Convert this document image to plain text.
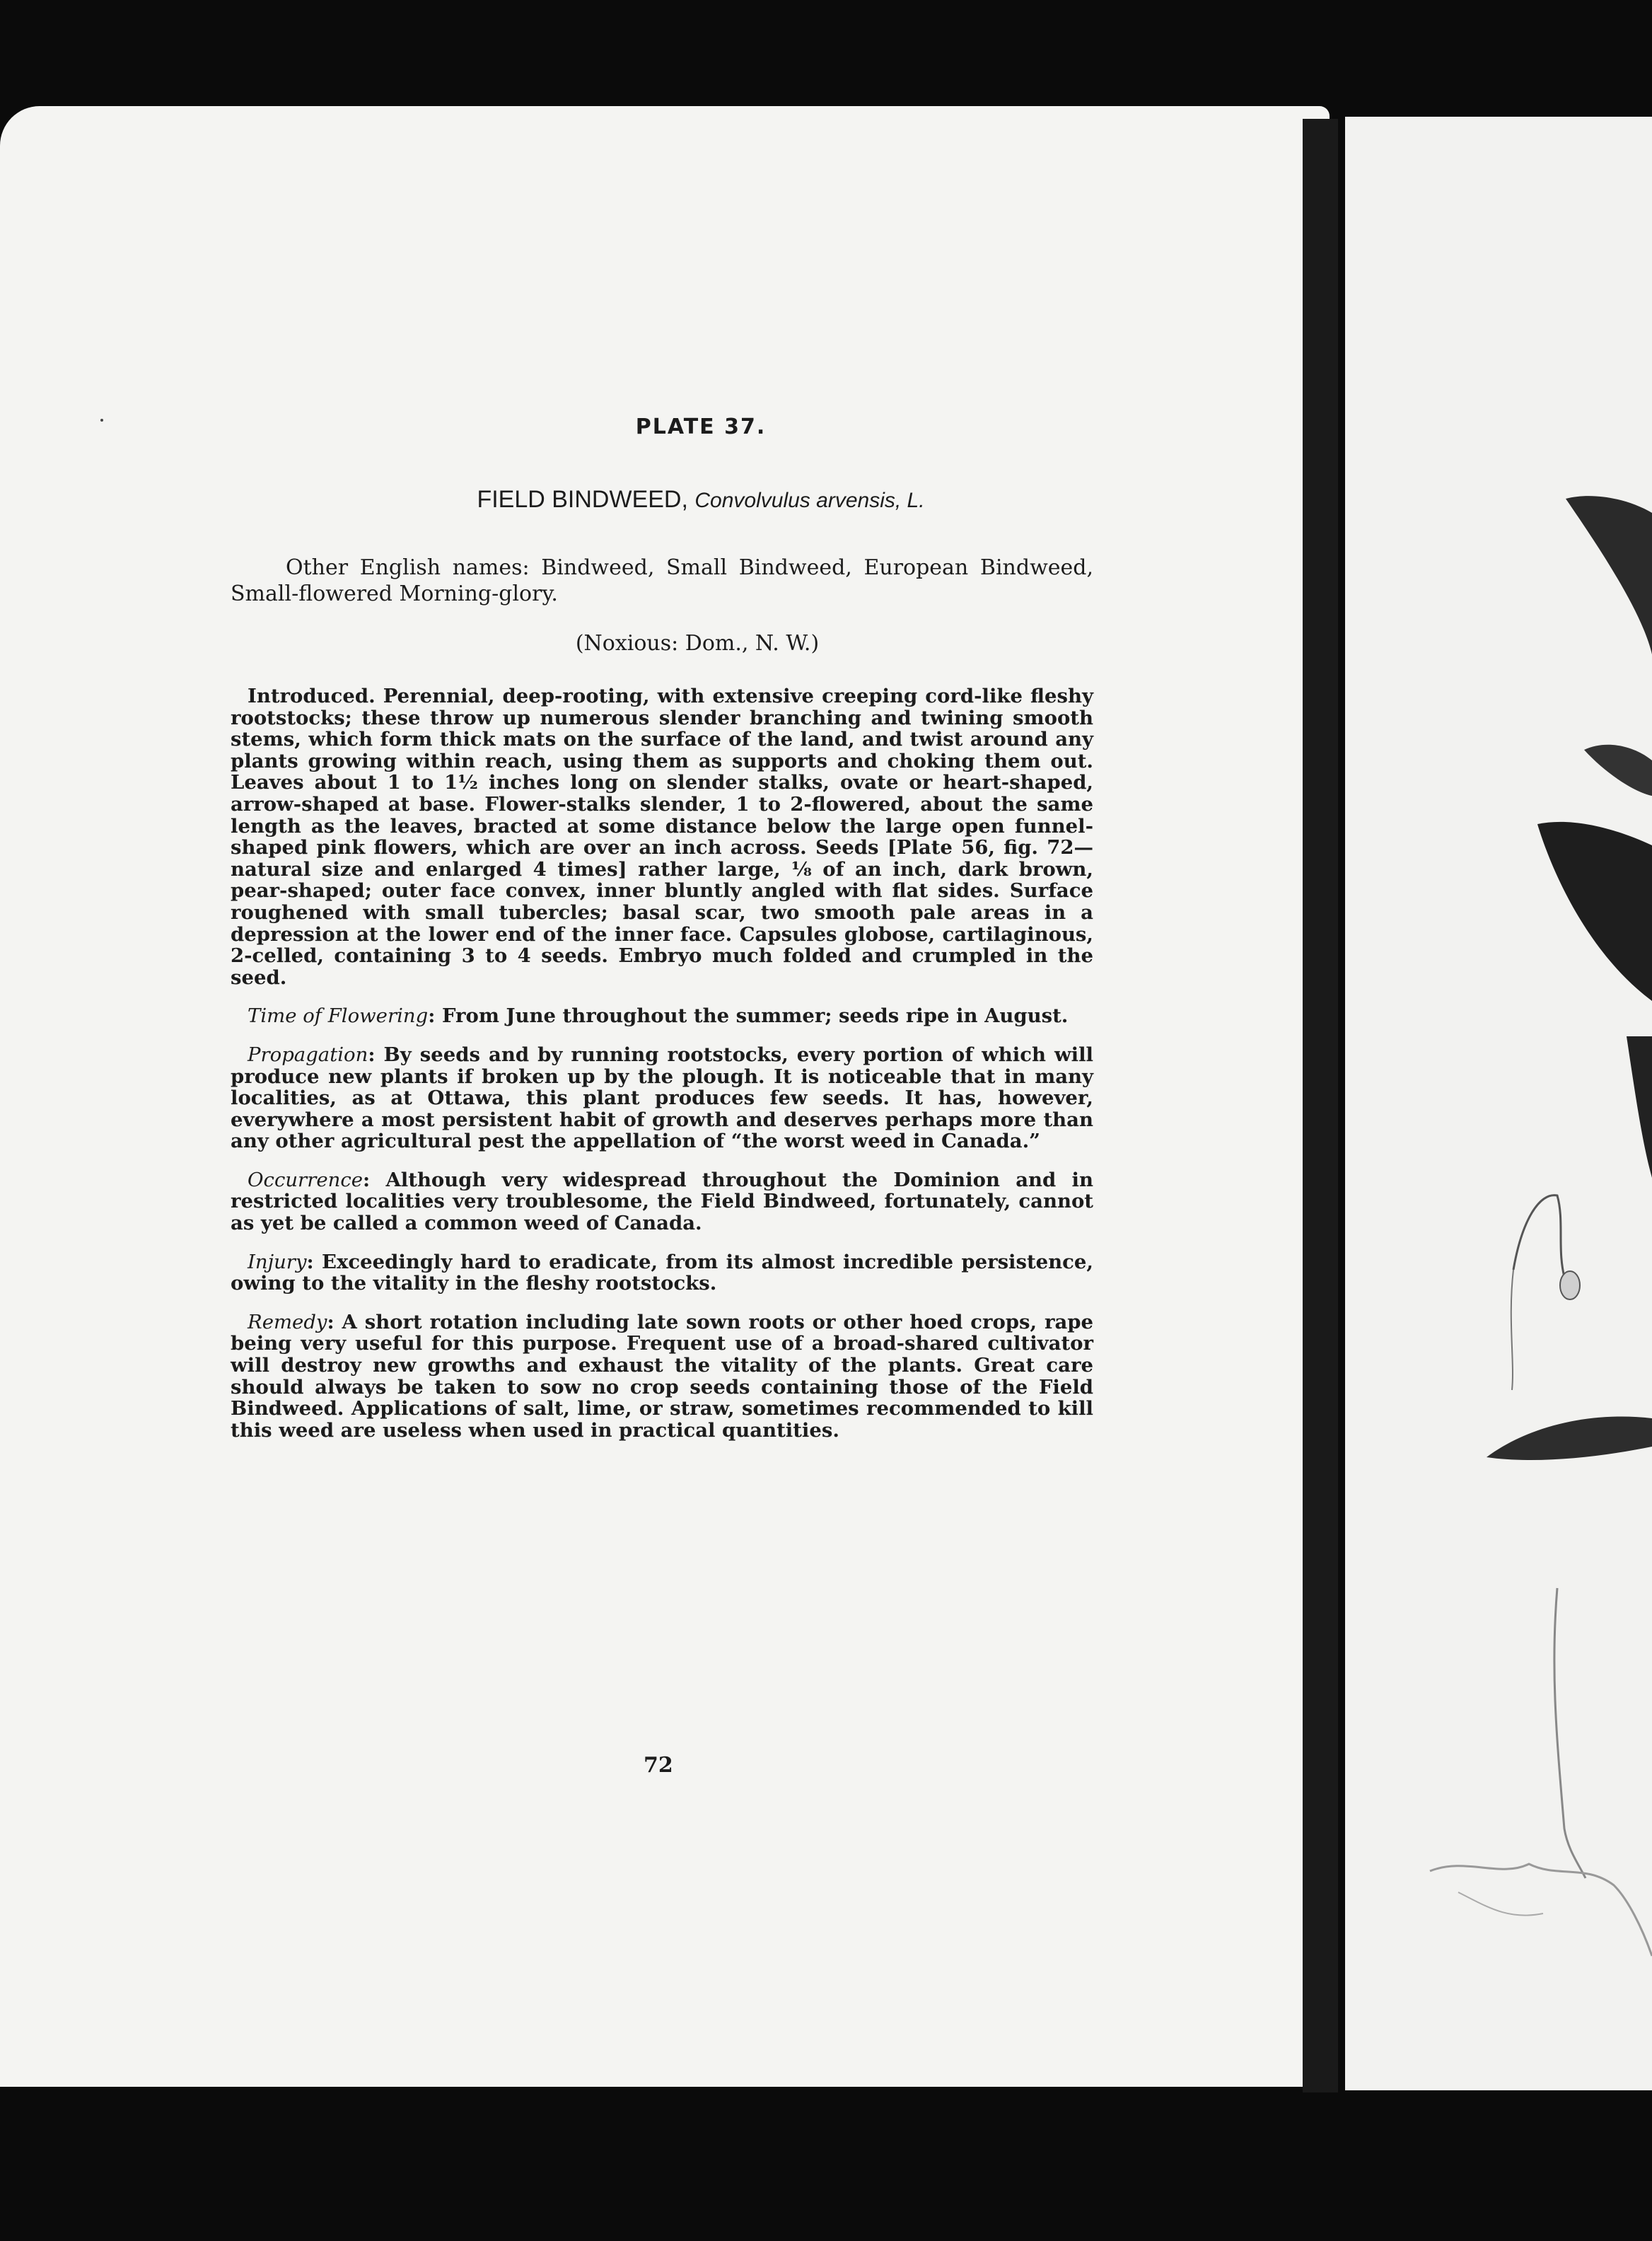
PLATE 37.
FIELD BINDWEED, Convolvulus arvensis, L.
Other English names: Bindweed, Small Bindweed, European Bindweed, Small-flowered Morning-glory.
(Noxious: Dom., N. W.)

Introduced. Perennial, deep-rooting, with extensive creeping cord-like fleshy rootstocks; these throw up numerous slender branching and twining smooth stems, which form thick mats on the surface of the land, and twist around any plants growing within reach, using them as supports and choking them out. Leaves about 1 to 1½ inches long on slender stalks, ovate or heart-shaped, arrow-shaped at base. Flower-stalks slender, 1 to 2-flowered, about the same length as the leaves, bracted at some distance below the large open funnel-shaped pink flowers, which are over an inch across. Seeds [Plate 56, fig. 72—natural size and enlarged 4 times] rather large, ⅛ of an inch, dark brown, pear-shaped; outer face convex, inner bluntly angled with flat sides. Surface roughened with small tubercles; basal scar, two smooth pale areas in a depression at the lower end of the inner face. Capsules globose, cartilaginous, 2-celled, containing 3 to 4 seeds. Embryo much folded and crumpled in the seed.

Time of Flowering: From June throughout the summer; seeds ripe in August.

Propagation: By seeds and by running rootstocks, every portion of which will produce new plants if broken up by the plough. It is noticeable that in many localities, as at Ottawa, this plant produces few seeds. It has, however, everywhere a most persistent habit of growth and deserves perhaps more than any other agricultural pest the appellation of “the worst weed in Canada.”

Occurrence: Although very widespread throughout the Dominion and in restricted localities very troublesome, the Field Bindweed, fortunately, cannot as yet be called a common weed of Canada.

Injury: Exceedingly hard to eradicate, from its almost incredible persistence, owing to the vitality in the fleshy rootstocks.

Remedy: A short rotation including late sown roots or other hoed crops, rape being very useful for this purpose. Frequent use of a broad-shared cultivator will destroy new growths and exhaust the vitality of the plants. Great care should always be taken to sow no crop seeds containing those of the Field Bindweed. Applications of salt, lime, or straw, sometimes recommended to kill this weed are useless when used in practical quantities.

72
